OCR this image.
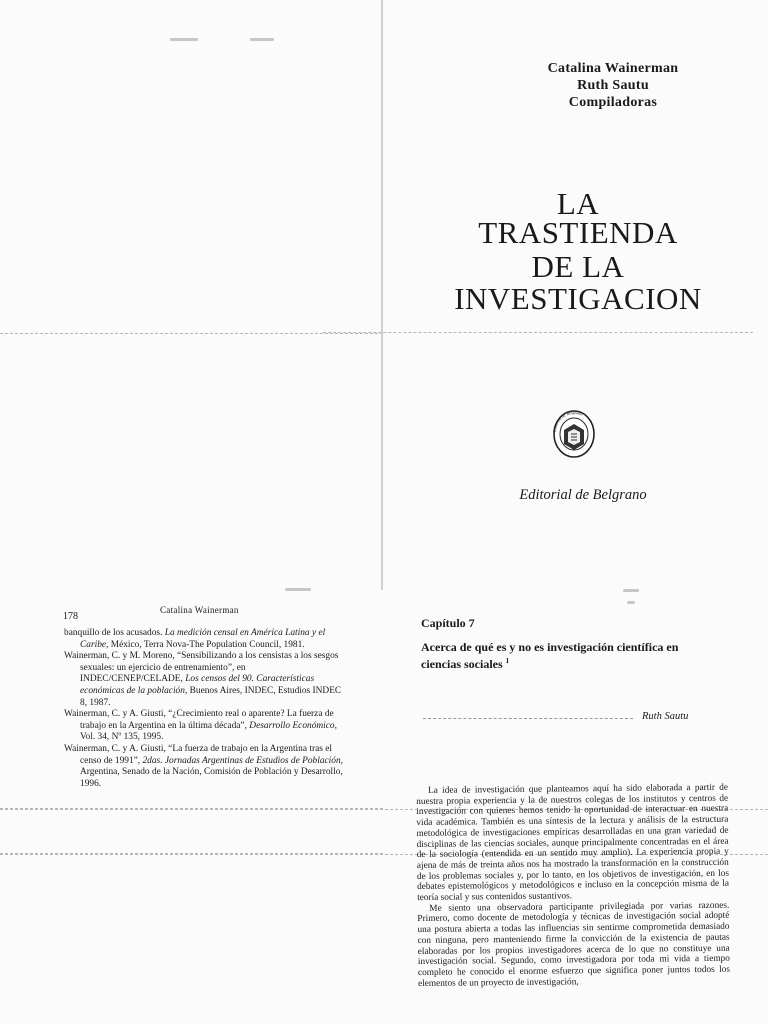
Catalina Wainerman
Ruth Sautu
Compiladoras
LA
TRASTIENDA
DE LA
INVESTIGACION
Editorial de Belgrano
Editorial de Belgrano
178
Catalina Wainerman

banquillo de los acusados. La medición censal en América Latina y el Caribe, México, Terra Nova-The Population Council, 1981.

Wainerman, C. y M. Moreno, “Sensibilizando a los censistas a los sesgos sexuales: un ejercicio de entrenamiento”, en INDEC/CENEP/CELADE, Los censos del 90. Características económicas de la población, Buenos Aires, INDEC, Estudios INDEC 8, 1987.

Wainerman, C. y A. Giusti, “¿Crecimiento real o aparente? La fuerza de trabajo en la Argentina en la última década”, Desarrollo Económico, Vol. 34, Nº 135, 1995.

Wainerman, C. y A. Giusti, “La fuerza de trabajo en la Argentina tras el censo de 1991”, 2das. Jornadas Argentinas de Estudios de Población, Argentina, Senado de la Nación, Comisión de Población y Desarrollo, 1996.

Capítulo 7
Acerca de qué es y no es investigación científica en ciencias sociales $^1$
Ruth Sautu

La idea de investigación que planteamos aquí ha sido elaborada a partir de nuestra propia experiencia y la de nuestros colegas de los institutos y centros de investigación con quienes hemos tenido la oportunidad de interactuar en nuestra vida académica. También es una síntesis de la lectura y análisis de la estructura metodológica de investigaciones empíricas desarrolladas en una gran variedad de disciplinas de las ciencias sociales, aunque principalmente concentradas en el área de la sociología (entendida en un sentido muy amplio). La experiencia propia y ajena de más de treinta años nos ha mostrado la transformación en la construcción de los problemas sociales y, por lo tanto, en los objetivos de investigación, en los debates epistemológicos y metodológicos e incluso en la concepción misma de la teoría social y sus contenidos sustantivos.

Me siento una observadora participante privilegiada por varias razones. Primero, como docente de metodología y técnicas de investigación social adopté una postura abierta a todas las influencias sin sentirme comprometida demasiado con ninguna, pero manteniendo firme la convicción de la existencia de pautas elaboradas por los propios investigadores acerca de lo que no constituye una investigación social. Segundo, como investigadora por toda mi vida a tiempo completo he conocido el enorme esfuerzo que significa poner juntos todos los elementos de un proyecto de investigación,
